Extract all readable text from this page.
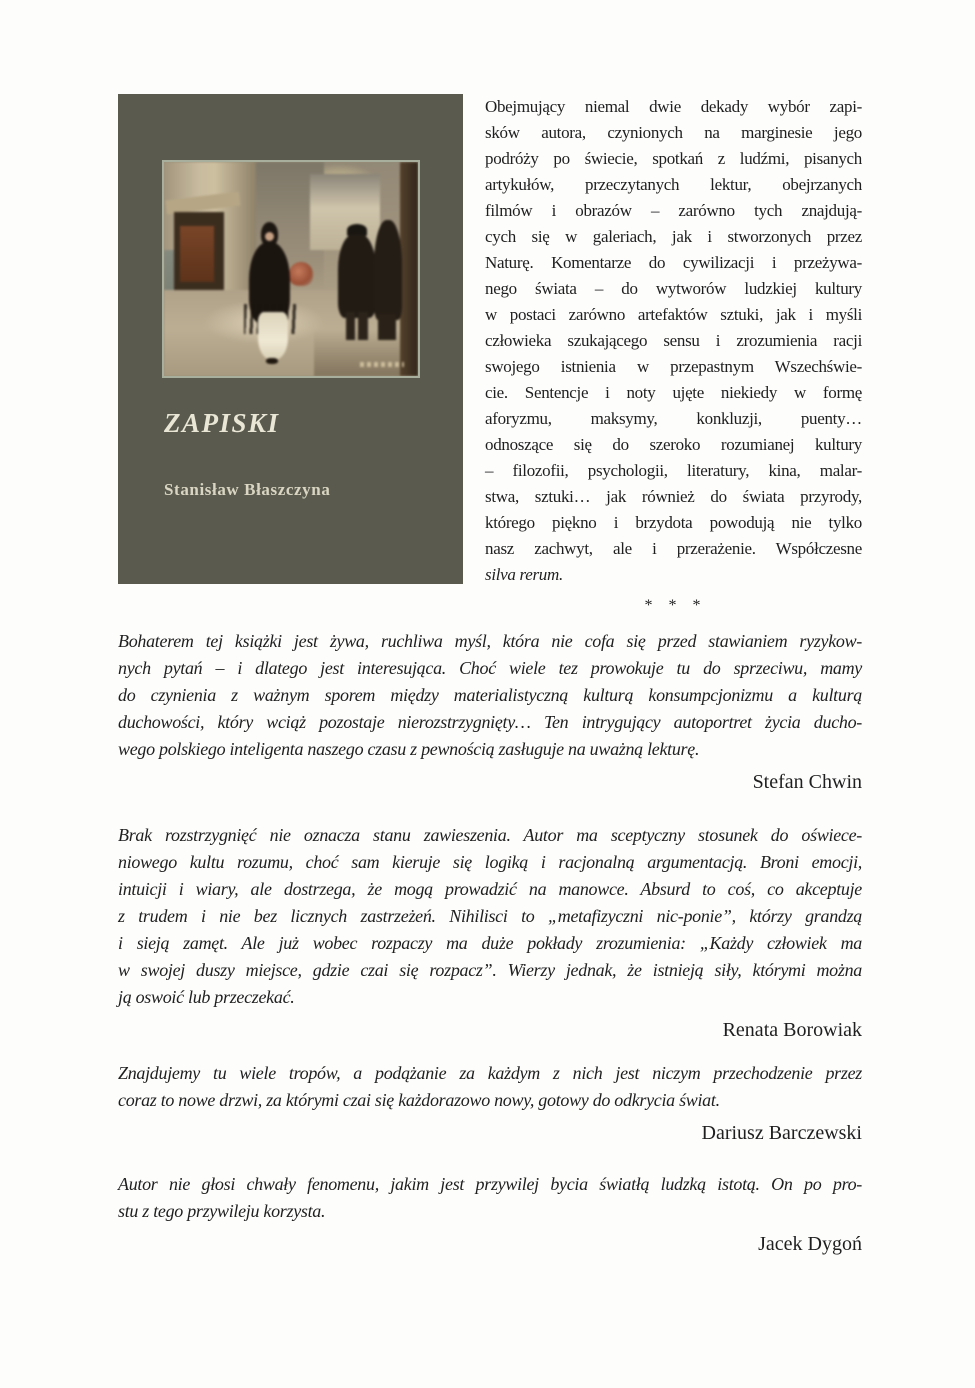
ZAPISKI
Stanisław Błaszczyna
Obejmujący niemal dwie dekady wybór zapi-
sków autora, czynionych na marginesie jego
podróży po świecie, spotkań z ludźmi, pisanych
artykułów, przeczytanych lektur, obejrzanych
filmów i obrazów – zarówno tych znajdują-
cych się w galeriach, jak i stworzonych przez
Naturę. Komentarze do cywilizacji i przeżywa-
nego świata – do wytworów ludzkiej kultury
w postaci zarówno artefaktów sztuki, jak i myśli
człowieka szukającego sensu i zrozumienia racji
swojego istnienia w przepastnym Wszechświe-
cie. Sentencje i noty ujęte niekiedy w formę
aforyzmu, maksymy, konkluzji, puenty…
odnoszące się do szeroko rozumianej kultury
– filozofii, psychologii, literatury, kina, malar-
stwa, sztuki… jak również do świata przyrody,
którego piękno i brzydota powodują nie tylko
nasz zachwyt, ale i przerażenie. Współczesne
silva rerum.
* * *
Bohaterem tej książki jest żywa, ruchliwa myśl, która nie cofa się przed stawianiem ryzykow-
nych pytań – i dlatego jest interesująca. Choć wiele tez prowokuje tu do sprzeciwu, mamy
do czynienia z ważnym sporem między materialistyczną kulturą konsumpcjonizmu a kulturą
duchowości, który wciąż pozostaje nierozstrzygnięty… Ten intrygujący autoportret życia ducho-
wego polskiego inteligenta naszego czasu z pewnością zasługuje na uważną lekturę.
Stefan Chwin
Brak rozstrzygnięć nie oznacza stanu zawieszenia. Autor ma sceptyczny stosunek do oświece-
niowego kultu rozumu, choć sam kieruje się logiką i racjonalną argumentacją. Broni emocji,
intuicji i wiary, ale dostrzega, że mogą prowadzić na manowce. Absurd to coś, co akceptuje
z trudem i nie bez licznych zastrzeżeń. Nihilisci to „metafizyczni nic-ponie”, którzy grandzą
i sieją zamęt. Ale już wobec rozpaczy ma duże pokłady zrozumienia: „Każdy człowiek ma
w swojej duszy miejsce, gdzie czai się rozpacz”. Wierzy jednak, że istnieją siły, którymi można
ją oswoić lub przeczekać.
Renata Borowiak
Znajdujemy tu wiele tropów, a podążanie za każdym z nich jest niczym przechodzenie przez
coraz to nowe drzwi, za którymi czai się każdorazowo nowy, gotowy do odkrycia świat.
Dariusz Barczewski
Autor nie głosi chwały fenomenu, jakim jest przywilej bycia światłą ludzką istotą. On po pro-
stu z tego przywileju korzysta.
Jacek Dygoń
